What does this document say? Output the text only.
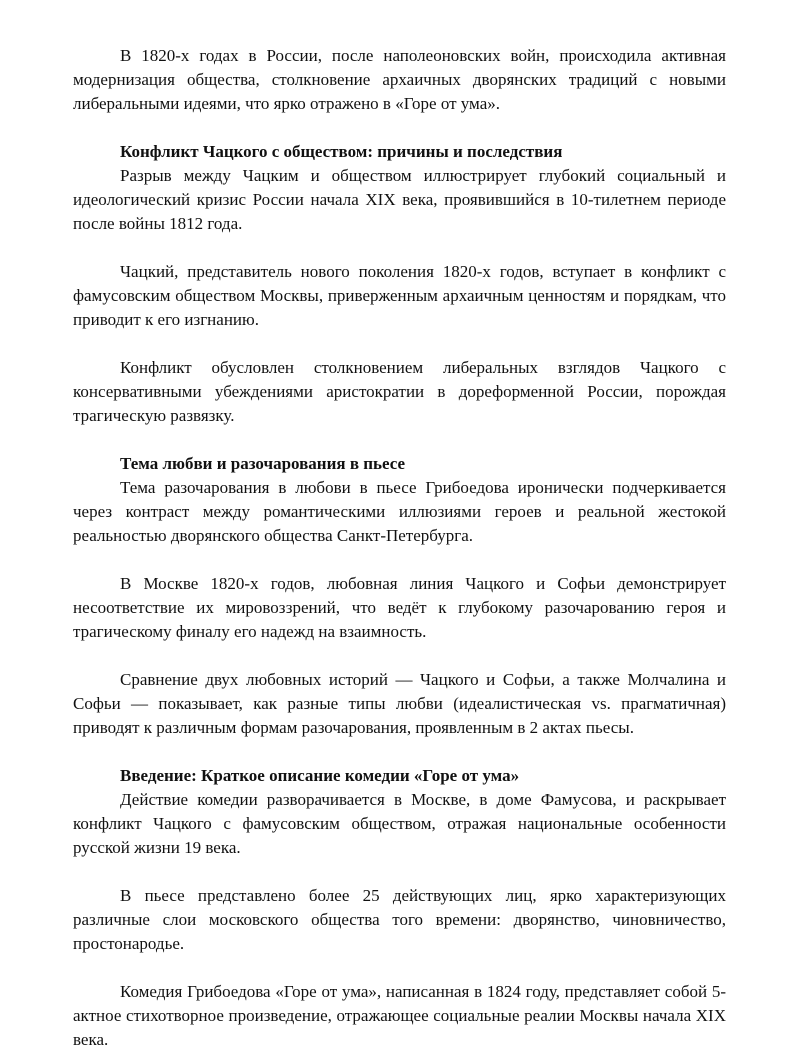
В 1820-х годах в России, после наполеоновских войн, происходила активная модернизация общества, столкновение архаичных дворянских традиций с новыми либеральными идеями, что ярко отражено в «Горе от ума».

Конфликт Чацкого с обществом: причины и последствия

Разрыв между Чацким и обществом иллюстрирует глубокий социальный и идеологический кризис России начала XIX века, проявившийся в 10-тилетнем периоде после войны 1812 года.

Чацкий, представитель нового поколения 1820-х годов, вступает в конфликт с фамусовским обществом Москвы, приверженным архаичным ценностям и порядкам, что приводит к его изгнанию.

Конфликт обусловлен столкновением либеральных взглядов Чацкого с консервативными убеждениями аристократии в дореформенной России, порождая трагическую развязку.

Тема любви и разочарования в пьесе

Тема разочарования в любови в пьесе Грибоедова иронически подчеркивается через контраст между романтическими иллюзиями героев и реальной жестокой реальностью дворянского общества Санкт-Петербурга.

В Москве 1820-х годов, любовная линия Чацкого и Софьи демонстрирует несоответствие их мировоззрений, что ведёт к глубокому разочарованию героя и трагическому финалу его надежд на взаимность.

Сравнение двух любовных историй — Чацкого и Софьи, а также Молчалина и Софьи — показывает, как разные типы любви (идеалистическая vs. прагматичная) приводят к различным формам разочарования, проявленным в 2 актах пьесы.

Введение: Краткое описание комедии «Горе от ума»

Действие комедии разворачивается в Москве, в доме Фамусова, и раскрывает конфликт Чацкого с фамусовским обществом, отражая национальные особенности русской жизни 19 века.

В пьесе представлено более 25 действующих лиц, ярко характеризующих различные слои московского общества того времени: дворянство, чиновничество, простонародье.

Комедия Грибоедова «Горе от ума», написанная в 1824 году, представляет собой 5-актное стихотворное произведение, отражающее социальные реалии Москвы начала XIX века.
